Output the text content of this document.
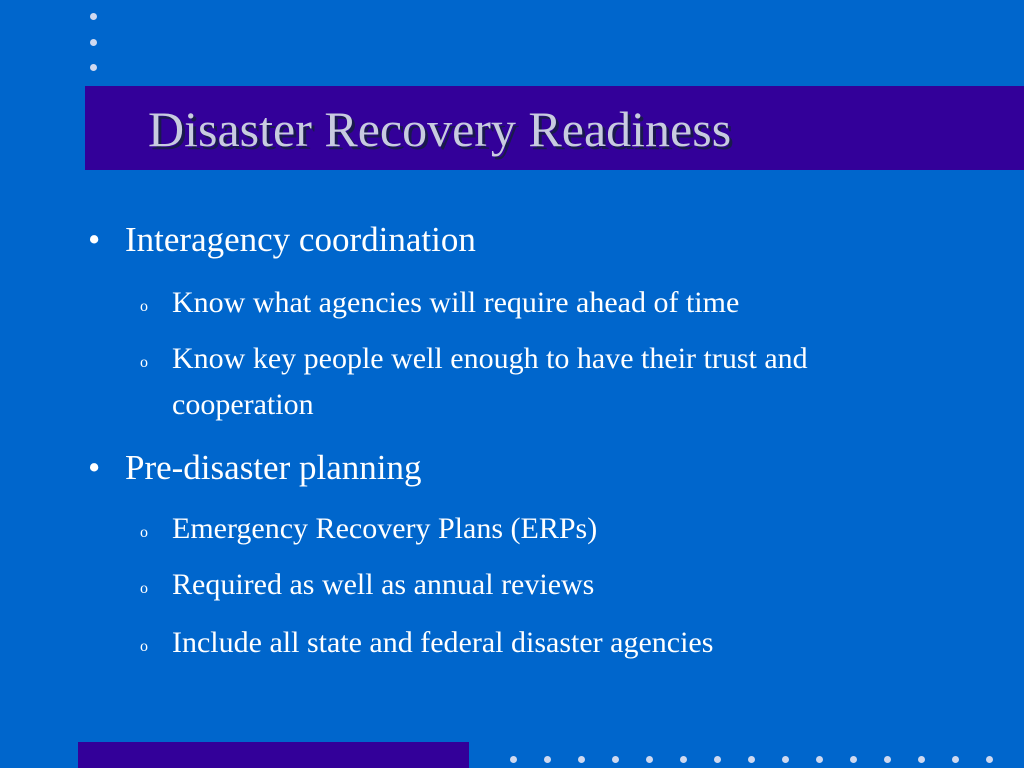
Disaster Recovery Readiness
• Interagency coordination
o Know what agencies will require ahead of time
o Know key people well enough to have their trust and cooperation
• Pre-disaster planning
o Emergency Recovery Plans (ERPs)
o Required as well as annual reviews
o Include all state and federal disaster agencies
